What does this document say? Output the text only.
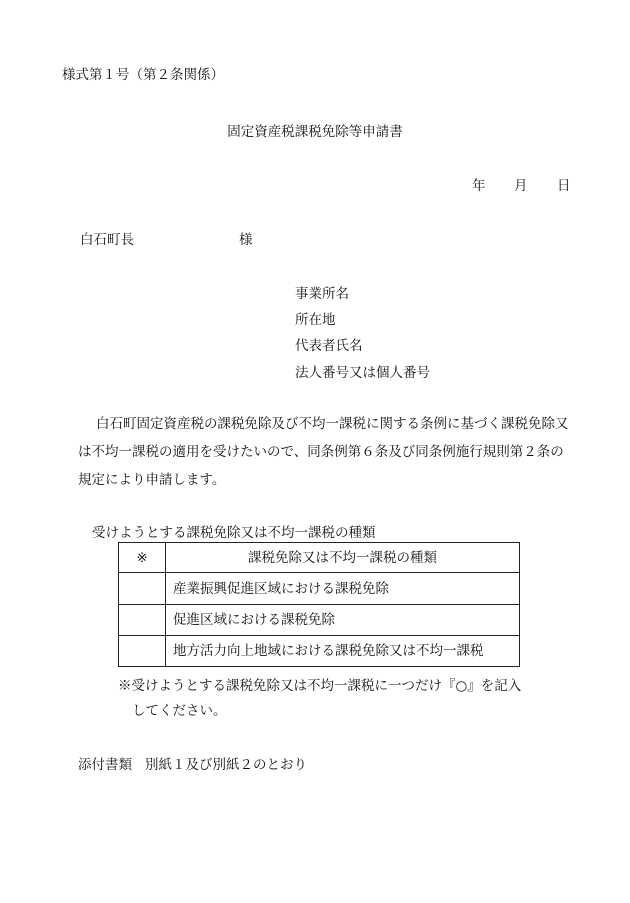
様式第１号（第２条関係）
固定資産税課税免除等申請書
年 月 日
白石町長	様
事業所名
所在地
代表者氏名
法人番号又は個人番号
白石町固定資産税の課税免除及び不均一課税に関する条例に基づく課税免除又
は不均一課税の適用を受けたいので、同条例第６条及び同条例施行規則第２条の
規定により申請します。
受けようとする課税免除又は不均一課税の種類
※	課税免除又は不均一課税の種類
	産業振興促進区域における課税免除
	促進区域における課税免除
	地方活力向上地域における課税免除又は不均一課税
※受けようとする課税免除又は不均一課税に一つだけ『○』を記入
してください。
添付書類 別紙１及び別紙２のとおり
